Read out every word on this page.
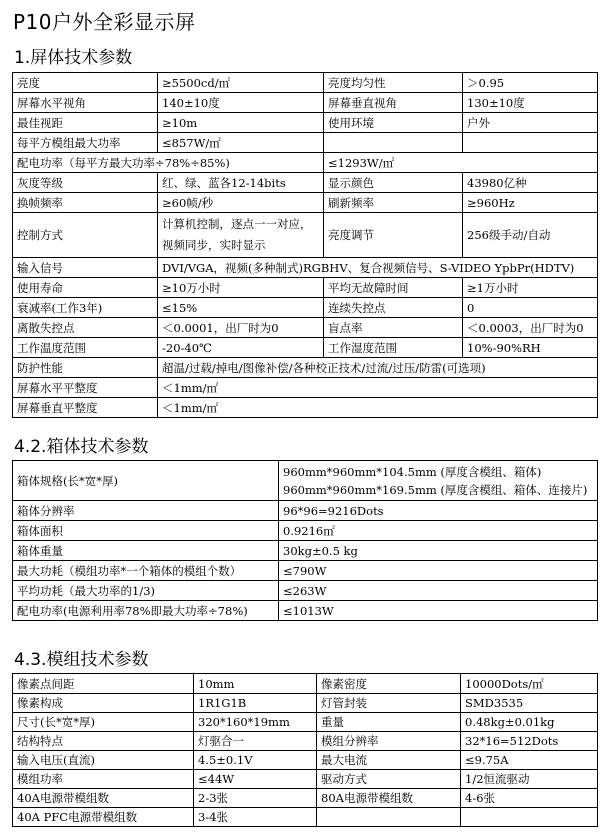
P10户外全彩显示屏
1.屏体技术参数
亮度	≥5500cd/㎡	亮度均匀性	＞0.95
屏幕水平视角	140±10度	屏幕垂直视角	130±10度
最佳视距	≥10m	使用环境	户外
每平方模组最大功率	≤857W/㎡		
配电功率（每平方最大功率÷78%÷85%)		≤1293W/㎡	
灰度等级	红、绿、蓝各12-14bits	显示颜色	43980亿种
换帧频率	≥60帧/秒	刷新频率	≥960Hz
控制方式	计算机控制，逐点一一对应，视频同步，实时显示	亮度调节	256级手动/自动
输入信号	DVI/VGA，视频(多种制式)RGBHV、复合视频信号、S-VIDEO YpbPr(HDTV)		
使用寿命	≥10万小时	平均无故障时间	≥1万小时
衰减率(工作3年)	≤15%	连续失控点	0
离散失控点	＜0.0001，出厂时为0	盲点率	＜0.0003，出厂时为0
工作温度范围	-20-40℃	工作湿度范围	10%-90%RH
防护性能	超温/过载/掉电/图像补偿/各种校正技术/过流/过压/防雷(可选项)		
屏幕水平平整度	＜1mm/㎡		
屏幕垂直平整度	＜1mm/㎡		
4.2.箱体技术参数
箱体规格(长*宽*厚)	960mm*960mm*104.5mm (厚度含模组、箱体)
960mm*960mm*169.5mm (厚度含模组、箱体、连接片)

箱体分辨率	96*96=9216Dots
箱体面积	0.9216㎡
箱体重量	30kg±0.5 kg
最大功耗（模组功率*一个箱体的模组个数）	≤790W
平均功耗（最大功率的1/3)	≤263W
配电功率(电源利用率78%即最大功率÷78%)	≤1013W
4.3.模组技术参数
像素点间距	10mm	像素密度	10000Dots/㎡
像素构成	1R1G1B	灯管封装	SMD3535
尺寸(长*宽*厚)	320*160*19mm	重量	0.48kg±0.01kg
结构特点	灯驱合一	模组分辨率	32*16=512Dots
输入电压(直流)	4.5±0.1V	最大电流	≤9.75A
模组功率	≤44W	驱动方式	1/2恒流驱动
40A电源带模组数	2-3张	80A电源带模组数	4-6张
40A PFC电源带模组数	3-4张		
